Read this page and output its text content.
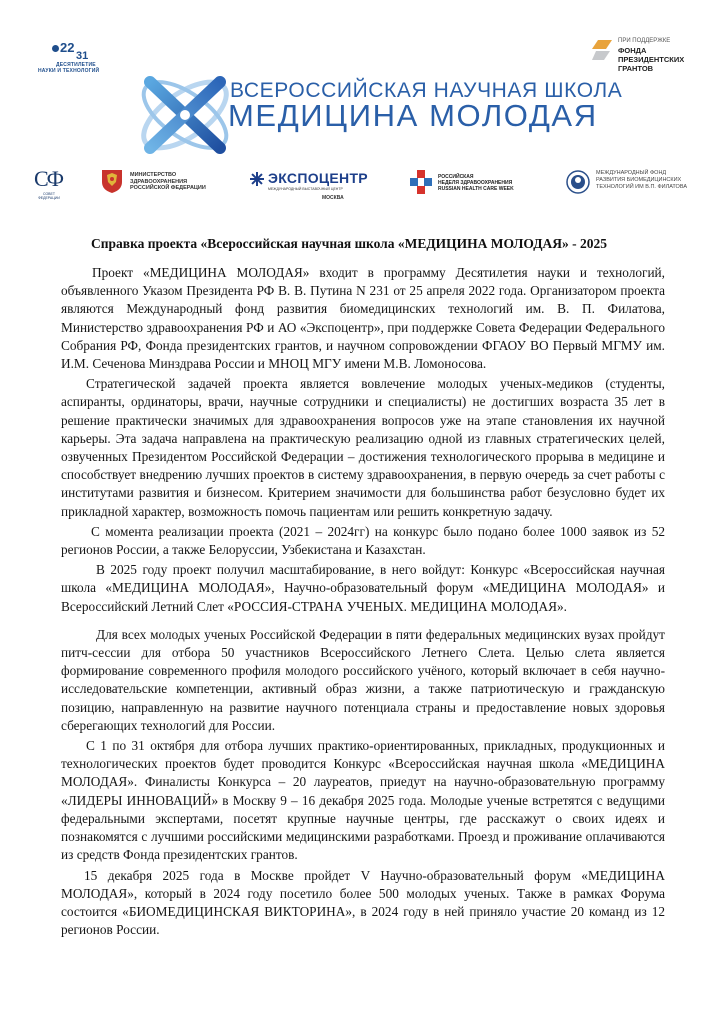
22
31
ДЕСЯТИЛЕТИЕ
НАУКИ И ТЕХНОЛОГИЙ
ПРИ ПОДДЕРЖКЕ
ФОНДА
ПРЕЗИДЕНТСКИХ
ГРАНТОВ
ВСЕРОССИЙСКАЯ НАУЧНАЯ ШКОЛА
МЕДИЦИНА МОЛОДАЯ
СФ
СОВЕТ ФЕДЕРАЦИИ
МИНИСТЕРСТВО
ЗДРАВООХРАНЕНИЯ
РОССИЙСКОЙ ФЕДЕРАЦИИ
ЭКСПОЦЕНТР
МЕЖДУНАРОДНЫЙ ВЫСТАВОЧНЫЙ ЦЕНТР
МОСКВА
РОССИЙСКАЯ
НЕДЕЛЯ ЗДРАВООХРАНЕНИЯ
RUSSIAN HEALTH CARE WEEK
МЕЖДУНАРОДНЫЙ ФОНД
РАЗВИТИЯ БИОМЕДИЦИНСКИХ
ТЕХНОЛОГИЙ ИМ В.П. ФИЛАТОВА
Справка проекта «Всероссийская научная школа «МЕДИЦИНА МОЛОДАЯ» - 2025

Проект «МЕДИЦИНА МОЛОДАЯ» входит в программу Десятилетия науки и технологий, объявленного Указом Президента РФ В. В. Путина N 231 от 25 апреля 2022 года. Организатором проекта являются Международный фонд развития биомедицинских технологий им. В. П. Филатова, Министерство здравоохранения РФ и АО «Экспоцентр», при поддержке Совета Федерации Федерального Собрания РФ, Фонда президентских грантов, и научном сопровождении ФГАОУ ВО Первый МГМУ им. И.М. Сеченова Минздрава России и МНОЦ МГУ имени М.В. Ломоносова.

Стратегической задачей проекта является вовлечение молодых ученых-медиков (студенты, аспиранты, ординаторы, врачи, научные сотрудники и специалисты) не достигших возраста 35 лет в решение практически значимых для здравоохранения вопросов уже на этапе становления их научной карьеры. Эта задача направлена на практическую реализацию одной из главных стратегических целей, озвученных Президентом Российской Федерации – достижения технологического прорыва в медицине и способствует внедрению лучших проектов в систему здравоохранения, в первую очередь за счет работы с институтами развития и бизнесом. Критерием значимости для большинства работ безусловно будет их прикладной характер, возможность помочь пациентам или решить конкретную задачу.

С момента реализации проекта (2021 – 2024гг) на конкурс было подано более 1000 заявок из 52 регионов России, а также Белоруссии, Узбекистана и Казахстан.

В 2025 году проект получил масштабирование, в него войдут: Конкурс «Всероссийская научная школа «МЕДИЦИНА МОЛОДАЯ», Научно-образовательный форум «МЕДИЦИНА МОЛОДАЯ» и Всероссийский Летний Слет «РОССИЯ-СТРАНА УЧЕНЫХ. МЕДИЦИНА МОЛОДАЯ».

Для всех молодых ученых Российской Федерации в пяти федеральных медицинских вузах пройдут питч-сессии для отбора 50 участников Всероссийского Летнего Слета. Целью слета является формирование современного профиля молодого российского учёного, который включает в себя научно-исследовательские компетенции, активный образ жизни, а также патриотическую и гражданскую позицию, направленную на развитие научного потенциала страны и предоставление новых здоровья сберегающих технологий для России.

С 1 по 31 октября для отбора лучших практико-ориентированных, прикладных, продукционных и технологических проектов будет проводится Конкурс «Всероссийская научная школа «МЕДИЦИНА МОЛОДАЯ». Финалисты Конкурса – 20 лауреатов, приедут на научно-образовательную программу «ЛИДЕРЫ ИННОВАЦИЙ» в Москву 9 – 16 декабря 2025 года. Молодые ученые встретятся с ведущими федеральными экспертами, посетят крупные научные центры, где расскажут о своих идеях и познакомятся с лучшими российскими медицинскими разработками. Проезд и проживание оплачиваются из средств Фонда президентских грантов.

15 декабря 2025 года в Москве пройдет V Научно-образовательный форум «МЕДИЦИНА МОЛОДАЯ», который в 2024 году посетило более 500 молодых ученых. Также в рамках Форума состоится «БИОМЕДИЦИНСКАЯ ВИКТОРИНА», в 2024 году в ней приняло участие 20 команд из 12 регионов России.
